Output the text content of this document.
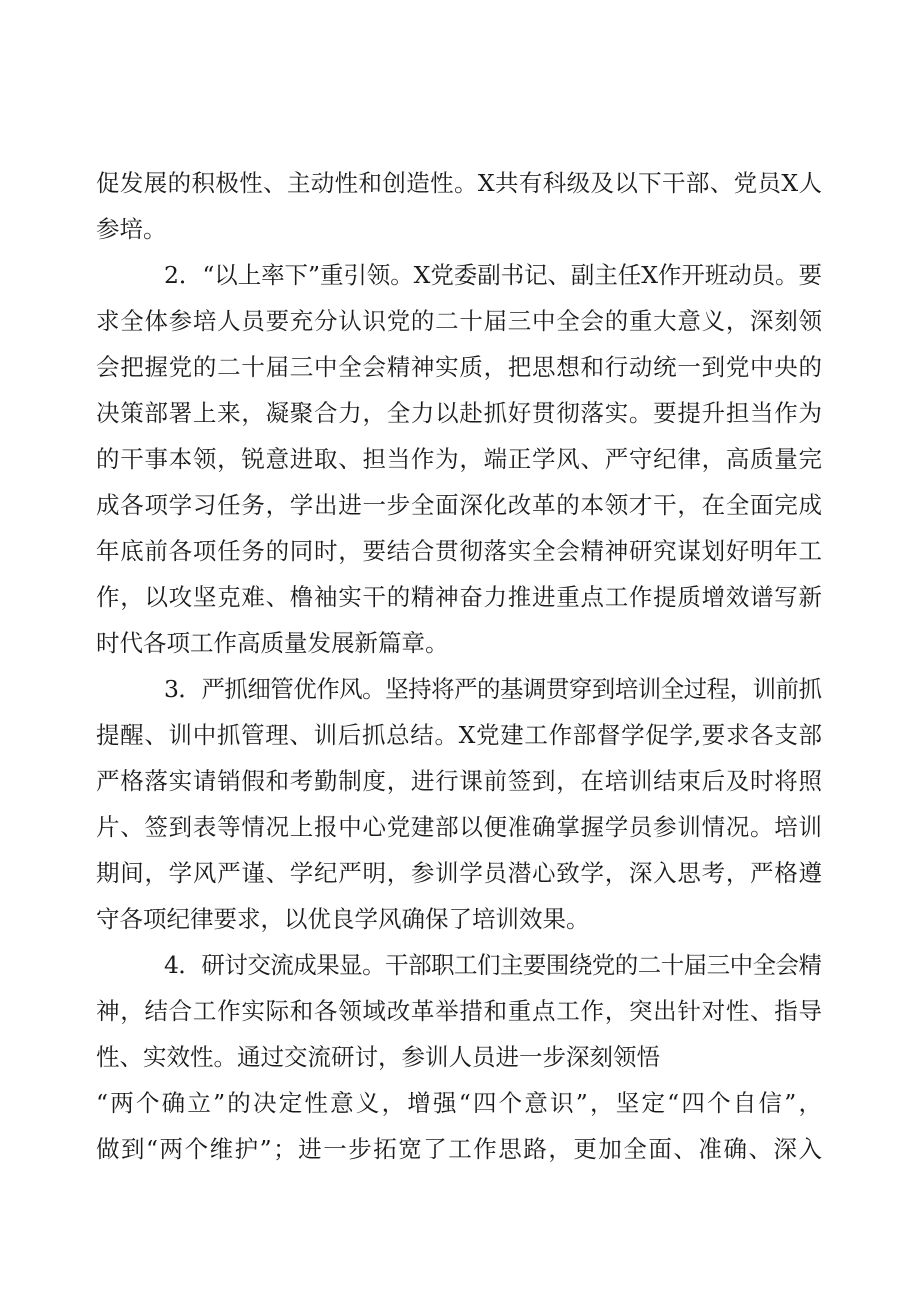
促发展的积极性、主动性和创造性。X共有科级及以下干部、党员X人
参培。
2．“以上率下”重引领。X党委副书记、副主任X作开班动员。要
求全体参培人员要充分认识党的二十届三中全会的重大意义，深刻领
会把握党的二十届三中全会精神实质，把思想和行动统一到党中央的
决策部署上来，凝聚合力，全力以赴抓好贯彻落实。要提升担当作为
的干事本领，锐意进取、担当作为，端正学风、严守纪律，高质量完
成各项学习任务，学出进一步全面深化改革的本领才干，在全面完成
年底前各项任务的同时，要结合贯彻落实全会精神研究谋划好明年工
作，以攻坚克难、橹袖实干的精神奋力推进重点工作提质增效谱写新
时代各项工作高质量发展新篇章。
3．严抓细管优作风。坚持将严的基调贯穿到培训全过程，训前抓
提醒、训中抓管理、训后抓总结。X党建工作部督学促学,要求各支部
严格落实请销假和考勤制度，进行课前签到，在培训结束后及时将照
片、签到表等情况上报中心党建部以便准确掌握学员参训情况。培训
期间，学风严谨、学纪严明，参训学员潜心致学，深入思考，严格遵
守各项纪律要求，以优良学风确保了培训效果。
4．研讨交流成果显。干部职工们主要围绕党的二十届三中全会精
神，结合工作实际和各领域改革举措和重点工作，突出针对性、指导
性、实效性。通过交流研讨，参训人员进一步深刻领悟
“两个确立”的决定性意义，增强“四个意识”，坚定“四个自信”，
做到“两个维护”；进一步拓宽了工作思路，更加全面、准确、深入
